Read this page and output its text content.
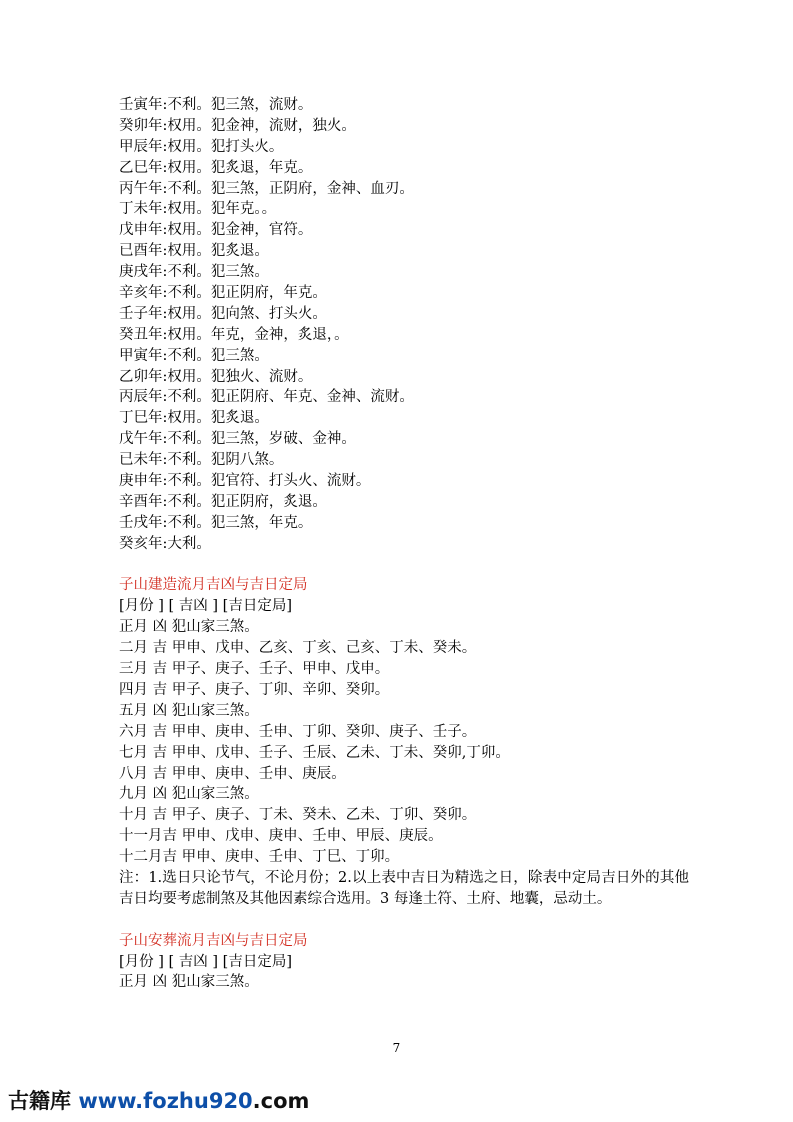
壬寅年:不利。犯三煞，流财。
癸卯年:权用。犯金神，流财，独火。
甲辰年:权用。犯打头火。
乙巳年:权用。犯炙退，年克。
丙午年:不利。犯三煞，正阴府，金神、血刃。
丁未年:权用。犯年克。。
戊申年:权用。犯金神，官符。
已酉年:权用。犯炙退。
庚戌年:不利。犯三煞。
辛亥年:不利。犯正阴府，年克。
壬子年:权用。犯向煞、打头火。
癸丑年:权用。年克，金神，炙退，。
甲寅年:不利。犯三煞。
乙卯年:权用。犯独火、流财。
丙辰年:不利。犯正阴府、年克、金神、流财。
丁巳年:权用。犯炙退。
戊午年:不利。犯三煞，岁破、金神。
已未年:不利。犯阴八煞。
庚申年:不利。犯官符、打头火、流财。
辛酉年:不利。犯正阴府，炙退。
壬戌年:不利。犯三煞，年克。
癸亥年:大利。
子山建造流月吉凶与吉日定局
[月份 ] [ 吉凶 ] [吉日定局]
正月 凶 犯山家三煞。
二月 吉 甲申、戊申、乙亥、丁亥、己亥、丁未、癸未。
三月 吉 甲子、庚子、壬子、甲申、戊申。
四月 吉 甲子、庚子、丁卯、辛卯、癸卯。
五月 凶 犯山家三煞。
六月 吉 甲申、庚申、壬申、丁卯、癸卯、庚子、壬子。
七月 吉 甲申、戊申、壬子、壬辰、乙未、丁未、癸卯,丁卯。
八月 吉 甲申、庚申、壬申、庚辰。
九月 凶 犯山家三煞。
十月 吉 甲子、庚子、丁未、癸未、乙未、丁卯、癸卯。
十一月吉 甲申、戊申、庚申、壬申、甲辰、庚辰。
十二月吉 甲申、庚申、壬申、丁巳、丁卯。
注：1.选日只论节气，不论月份；2.以上表中吉日为精选之日，除表中定局吉日外的其他吉日均要考虑制煞及其他因素综合选用。3 每逢土符、土府、地囊，忌动土。
子山安葬流月吉凶与吉日定局
[月份 ] [ 吉凶 ] [吉日定局]
正月 凶 犯山家三煞。
7
古籍库 www.fozhu920.com
